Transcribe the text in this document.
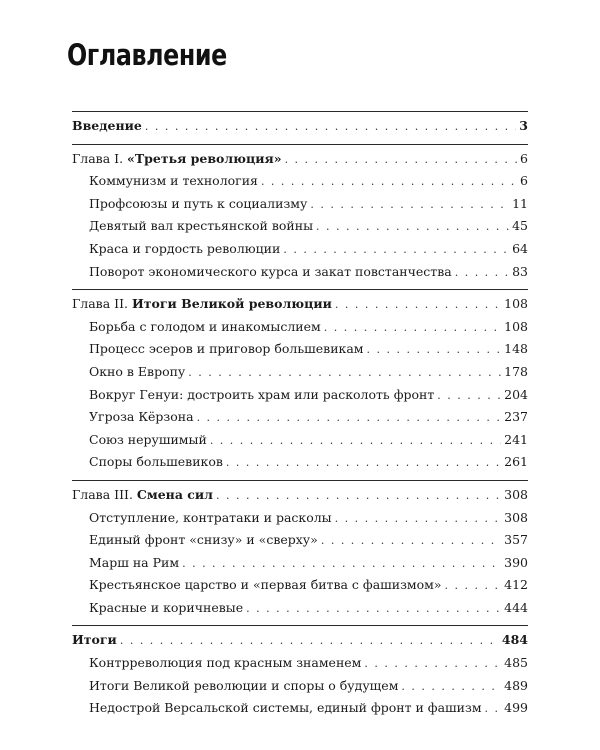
Оглавление
Введение . . .	3
Глава I. «Третья революция» . . .	6
Коммунизм и технология . . .	6
Профсоюзы и путь к социализму . . .	11
Девятый вал крестьянской войны . . .	45
Краса и гордость революции . . .	64
Поворот экономического курса и закат повстанчества . . .	83
Глава II. Итоги Великой революции . . .	108
Борьба с голодом и инакомыслием . . .	108
Процесс эсеров и приговор большевикам . . .	148
Окно в Европу . . .	178
Вокруг Генуи: достроить храм или расколоть фронт . . .	204
Угроза Кёрзона . . .	237
Союз нерушимый . . .	241
Споры большевиков . . .	261
Глава III. Смена сил . . .	308
Отступление, контратаки и расколы . . .	308
Единый фронт «снизу» и «сверху» . . .	357
Марш на Рим . . .	390
Крестьянское царство и «первая битва с фашизмом» . . .	412
Красные и коричневые . . .	444
Итоги . . .	484
Контрреволюция под красным знаменем . . .	485
Итоги Великой революции и споры о будущем . . .	489
Недострой Версальской системы, единый фронт и фашизм . . . 499
